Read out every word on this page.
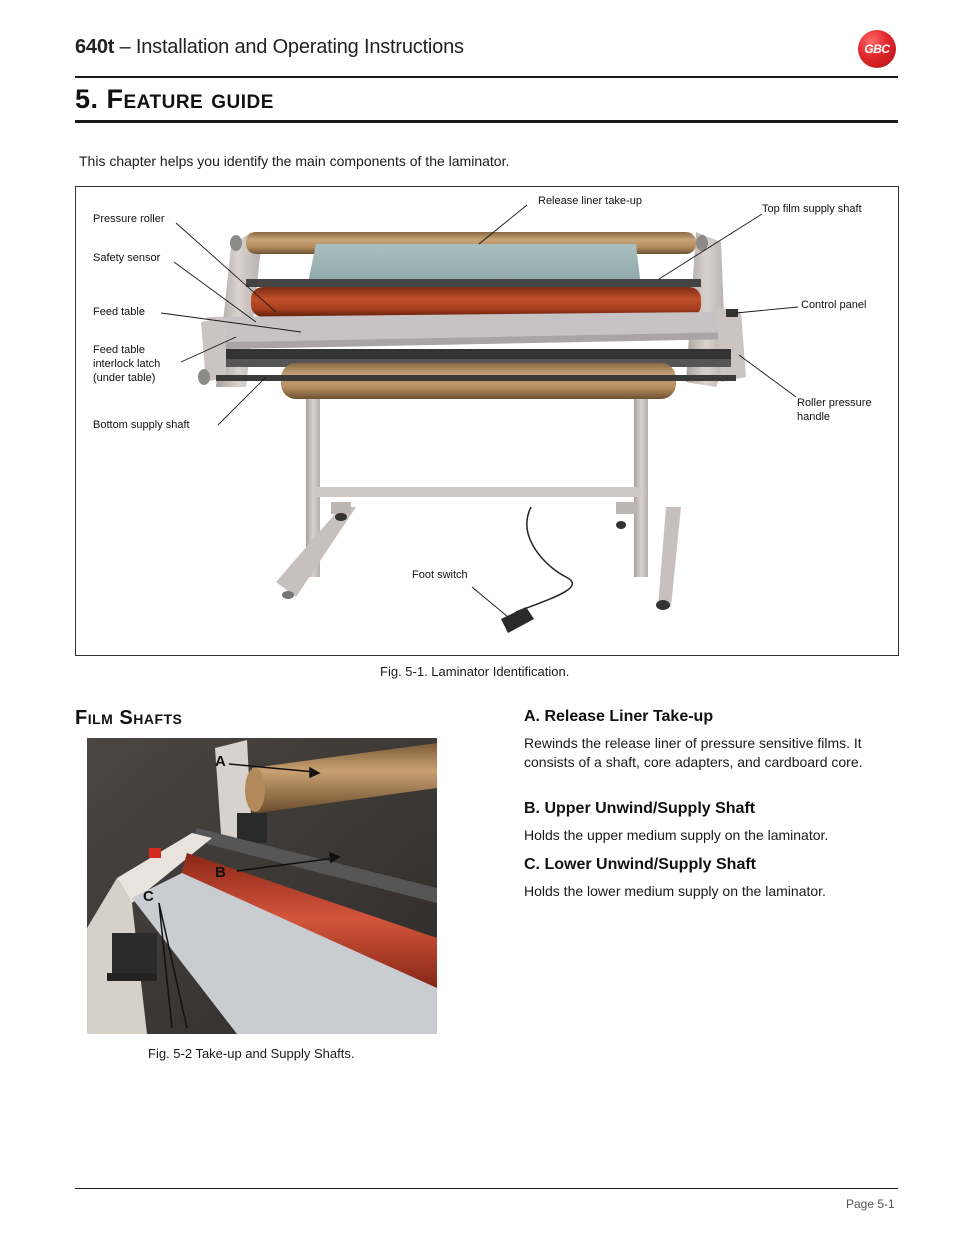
640t – Installation and Operating Instructions	GBC
5. Feature guide
This chapter helps you identify the main components of the laminator.
Pressure roller
Safety sensor
Feed table
Feed table
interlock latch
(under table)
Bottom supply shaft
Release liner take-up
Top film supply shaft
Control panel
Roller pressure
handle
Foot switch
Fig. 5-1. Laminator Identification.
Film Shafts
A
B
C
Fig. 5-2 Take-up and Supply Shafts.
A. Release Liner Take-up
Rewinds the release liner of pressure sensitive films. It consists of a shaft, core adapters, and cardboard core.
B. Upper Unwind/Supply Shaft
Holds the upper medium supply on the laminator.
C. Lower Unwind/Supply Shaft
Holds the lower medium supply on the laminator.
Page 5-1
